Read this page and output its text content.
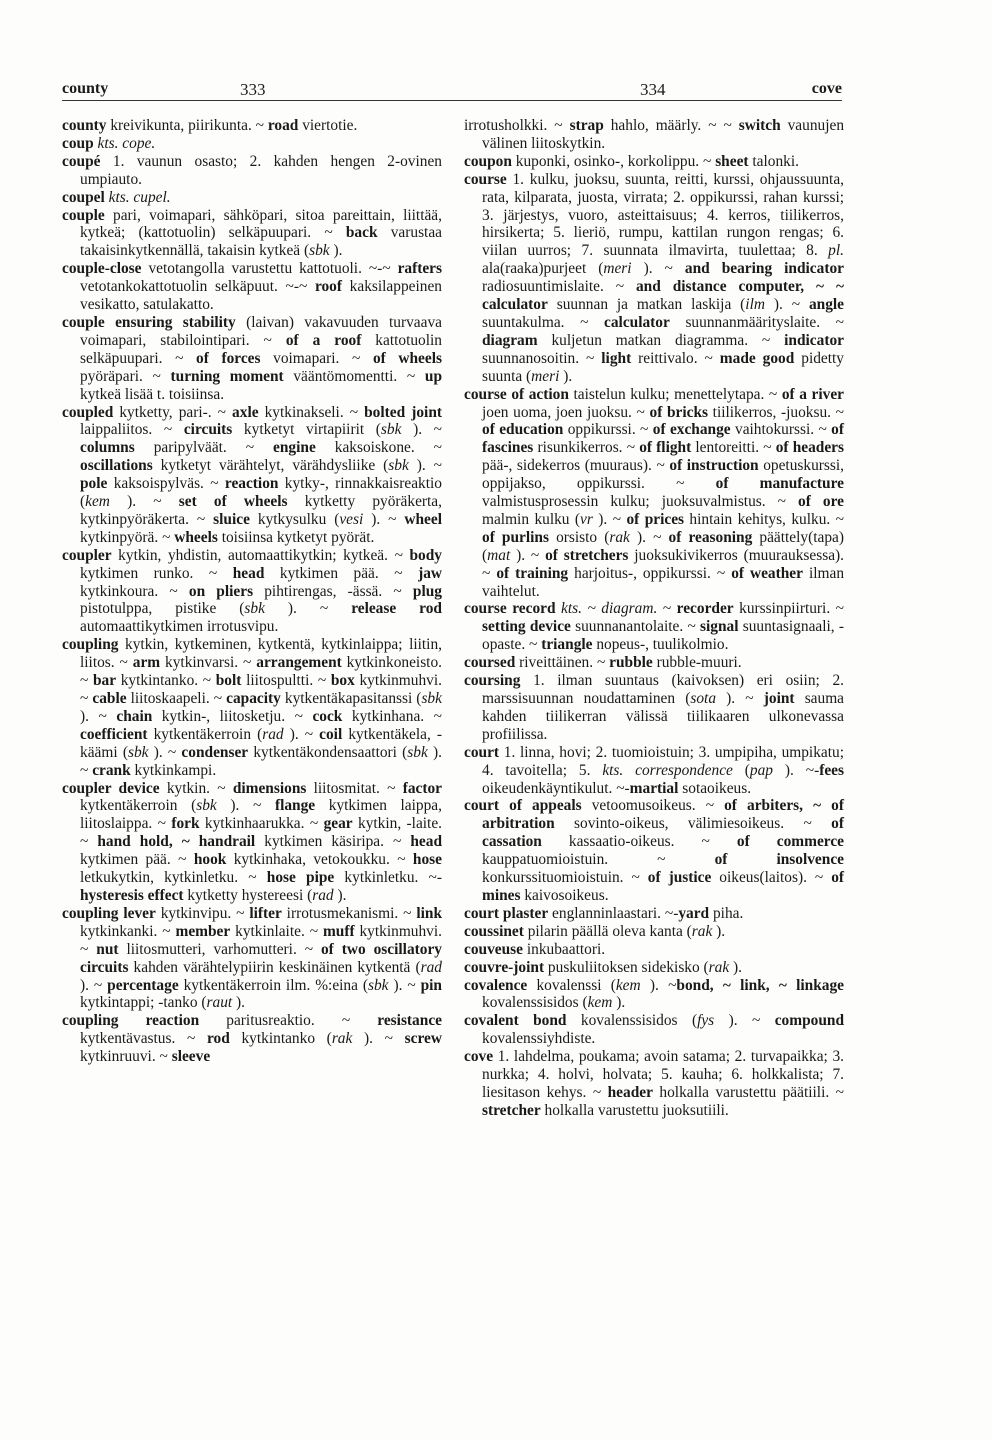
county	333	334	cove

county kreivikunta, piirikunta. ~ road viertotie.

coup kts. cope.

coupé 1. vaunun osasto; 2. kahden hengen 2-ovinen umpiauto.

coupel kts. cupel.

couple pari, voimapari, sähköpari, sitoa pareittain, liittää, kytkeä; (kattotuolin) selkäpuupari. ~ back varustaa takaisinkytkennällä, takaisin kytkeä (sbk ).

couple-close vetotangolla varustettu kattotuoli. ~-~ rafters vetotankokattotuolin selkäpuut. ~-~ roof kaksilappeinen vesikatto, satulakatto.

couple ensuring stability (laivan) vakavuuden turvaava voimapari, stabilointipari. ~ of a roof kattotuolin selkäpuupari. ~ of forces voimapari. ~ of wheels pyöräpari. ~ turning moment vääntömomentti. ~ up kytkeä lisää t. toisiinsa.

coupled kytketty, pari-. ~ axle kytkinakseli. ~ bolted joint laippaliitos. ~ circuits kytketyt virtapiirit (sbk ). ~ columns paripylväät. ~ engine kaksoiskone. ~ oscillations kytketyt värähtelyt, värähdysliike (sbk ). ~ pole kaksoispylväs. ~ reaction kytky-, rinnakkaisreaktio (kem ). ~ set of wheels kytketty pyöräkerta, kytkinpyöräkerta. ~ sluice kytkysulku (vesi ). ~ wheel kytkinpyörä. ~ wheels toisiinsa kytketyt pyörät.

coupler kytkin, yhdistin, automaattikytkin; kytkeä. ~ body kytkimen runko. ~ head kytkimen pää. ~ jaw kytkinkoura. ~ on pliers pihtirengas, -ässä. ~ plug pistotulppa, pistike (sbk ). ~ release rod automaattikytkimen irrotusvipu.

coupling kytkin, kytkeminen, kytkentä, kytkinlaippa; liitin, liitos. ~ arm kytkinvarsi. ~ arrangement kytkinkoneisto. ~ bar kytkintanko. ~ bolt liitospultti. ~ box kytkinmuhvi. ~ cable liitoskaapeli. ~ capacity kytkentäkapasitanssi (sbk ). ~ chain kytkin-, liitosketju. ~ cock kytkinhana. ~ coefficient kytkentäkerroin (rad ). ~ coil kytkentäkela, -käämi (sbk ). ~ condenser kytkentäkondensaattori (sbk ). ~ crank kytkinkampi.

coupler device kytkin. ~ dimensions liitosmitat. ~ factor kytkentäkerroin (sbk ). ~ flange kytkimen laippa, liitoslaippa. ~ fork kytkinhaarukka. ~ gear kytkin, -laite. ~ hand hold, ~ handrail kytkimen käsiripa. ~ head kytkimen pää. ~ hook kytkinhaka, vetokoukku. ~ hose letkukytkin, kytkinletku. ~ hose pipe kytkinletku. ~-hysteresis effect kytketty hystereesi (rad ).

coupling lever kytkinvipu. ~ lifter irrotusmekanismi. ~ link kytkinkanki. ~ member kytkinlaite. ~ muff kytkinmuhvi. ~ nut liitosmutteri, varhomutteri. ~ of two oscillatory circuits kahden värähtelypiirin keskinäinen kytkentä (rad ). ~ percentage kytkentäkerroin ilm. %:eina (sbk ). ~ pin kytkintappi; -tanko (raut ).

coupling reaction paritusreaktio. ~ resistance kytkentävastus. ~ rod kytkintanko (rak ). ~ screw kytkinruuvi. ~ sleeve

irrotusholkki. ~ strap hahlo, määrly. ~ ~ switch vaunujen välinen liitoskytkin.

coupon kuponki, osinko-, korkolippu. ~ sheet talonki.

course 1. kulku, juoksu, suunta, reitti, kurssi, ohjaussuunta, rata, kilparata, juosta, virrata; 2. oppikurssi, rahan kurssi; 3. järjestys, vuoro, asteittaisuus; 4. kerros, tiilikerros, hirsikerta; 5. lieriö, rumpu, kattilan rungon rengas; 6. viilan uurros; 7. suunnata ilmavirta, tuulettaa; 8. pl. ala(raaka)purjeet (meri ). ~ and bearing indicator radiosuuntimislaite. ~ and distance computer, ~ ~ calculator suunnan ja matkan laskija (ilm ). ~ angle suuntakulma. ~ calculator suunnanmäärityslaite. ~ diagram kuljetun matkan diagramma. ~ indicator suunnanosoitin. ~ light reittivalo. ~ made good pidetty suunta (meri ).

course of action taistelun kulku; menettelytapa. ~ of a river joen uoma, joen juoksu. ~ of bricks tiilikerros, -juoksu. ~ of education oppikurssi. ~ of exchange vaihtokurssi. ~ of fascines risunkikerros. ~ of flight lentoreitti. ~ of headers pää-, sidekerros (muuraus). ~ of instruction opetuskurssi, oppijakso, oppikurssi. ~ of manufacture valmistusprosessin kulku; juoksuvalmistus. ~ of ore malmin kulku (vr ). ~ of prices hintain kehitys, kulku. ~ of purlins orsisto (rak ). ~ of reasoning päättely(tapa) (mat ). ~ of stretchers juoksukivikerros (muurauksessa). ~ of training harjoitus-, oppikurssi. ~ of weather ilman vaihtelut.

course record kts. ~ diagram. ~ recorder kurssinpiirturi. ~ setting device suunnanantolaite. ~ signal suuntasignaali, -opaste. ~ triangle nopeus-, tuulikolmio.

coursed riveittäinen. ~ rubble rubble-muuri.

coursing 1. ilman suuntaus (kaivoksen) eri osiin; 2. marssisuunnan noudattaminen (sota ). ~ joint sauma kahden tiilikerran välissä tiilikaaren ulkonevassa profiilissa.

court 1. linna, hovi; 2. tuomioistuin; 3. umpipiha, umpikatu; 4. tavoitella; 5. kts. correspondence (pap ). ~-fees oikeudenkäyntikulut. ~-martial sotaoikeus.

court of appeals vetoomusoikeus. ~ of arbiters, ~ of arbitration sovinto-oikeus, välimiesoikeus. ~ of cassation kassaatio-oikeus. ~ of commerce kauppatuomioistuin. ~ of insolvence konkurssituomioistuin. ~ of justice oikeus(laitos). ~ of mines kaivosoikeus.

court plaster englanninlaastari. ~-yard piha.

coussinet pilarin päällä oleva kanta (rak ).

couveuse inkubaattori.

couvre-joint puskuliitoksen sidekisko (rak ).

covalence kovalenssi (kem ). ~bond, ~ link, ~ linkage kovalenssisidos (kem ).

covalent bond kovalenssisidos (fys ). ~ compound kovalenssiyhdiste.

cove 1. lahdelma, poukama; avoin satama; 2. turvapaikka; 3. nurkka; 4. holvi, holvata; 5. kauha; 6. holkkalista; 7. liesitason kehys. ~ header holkalla varustettu päätiili. ~ stretcher holkalla varustettu juoksutiili.
